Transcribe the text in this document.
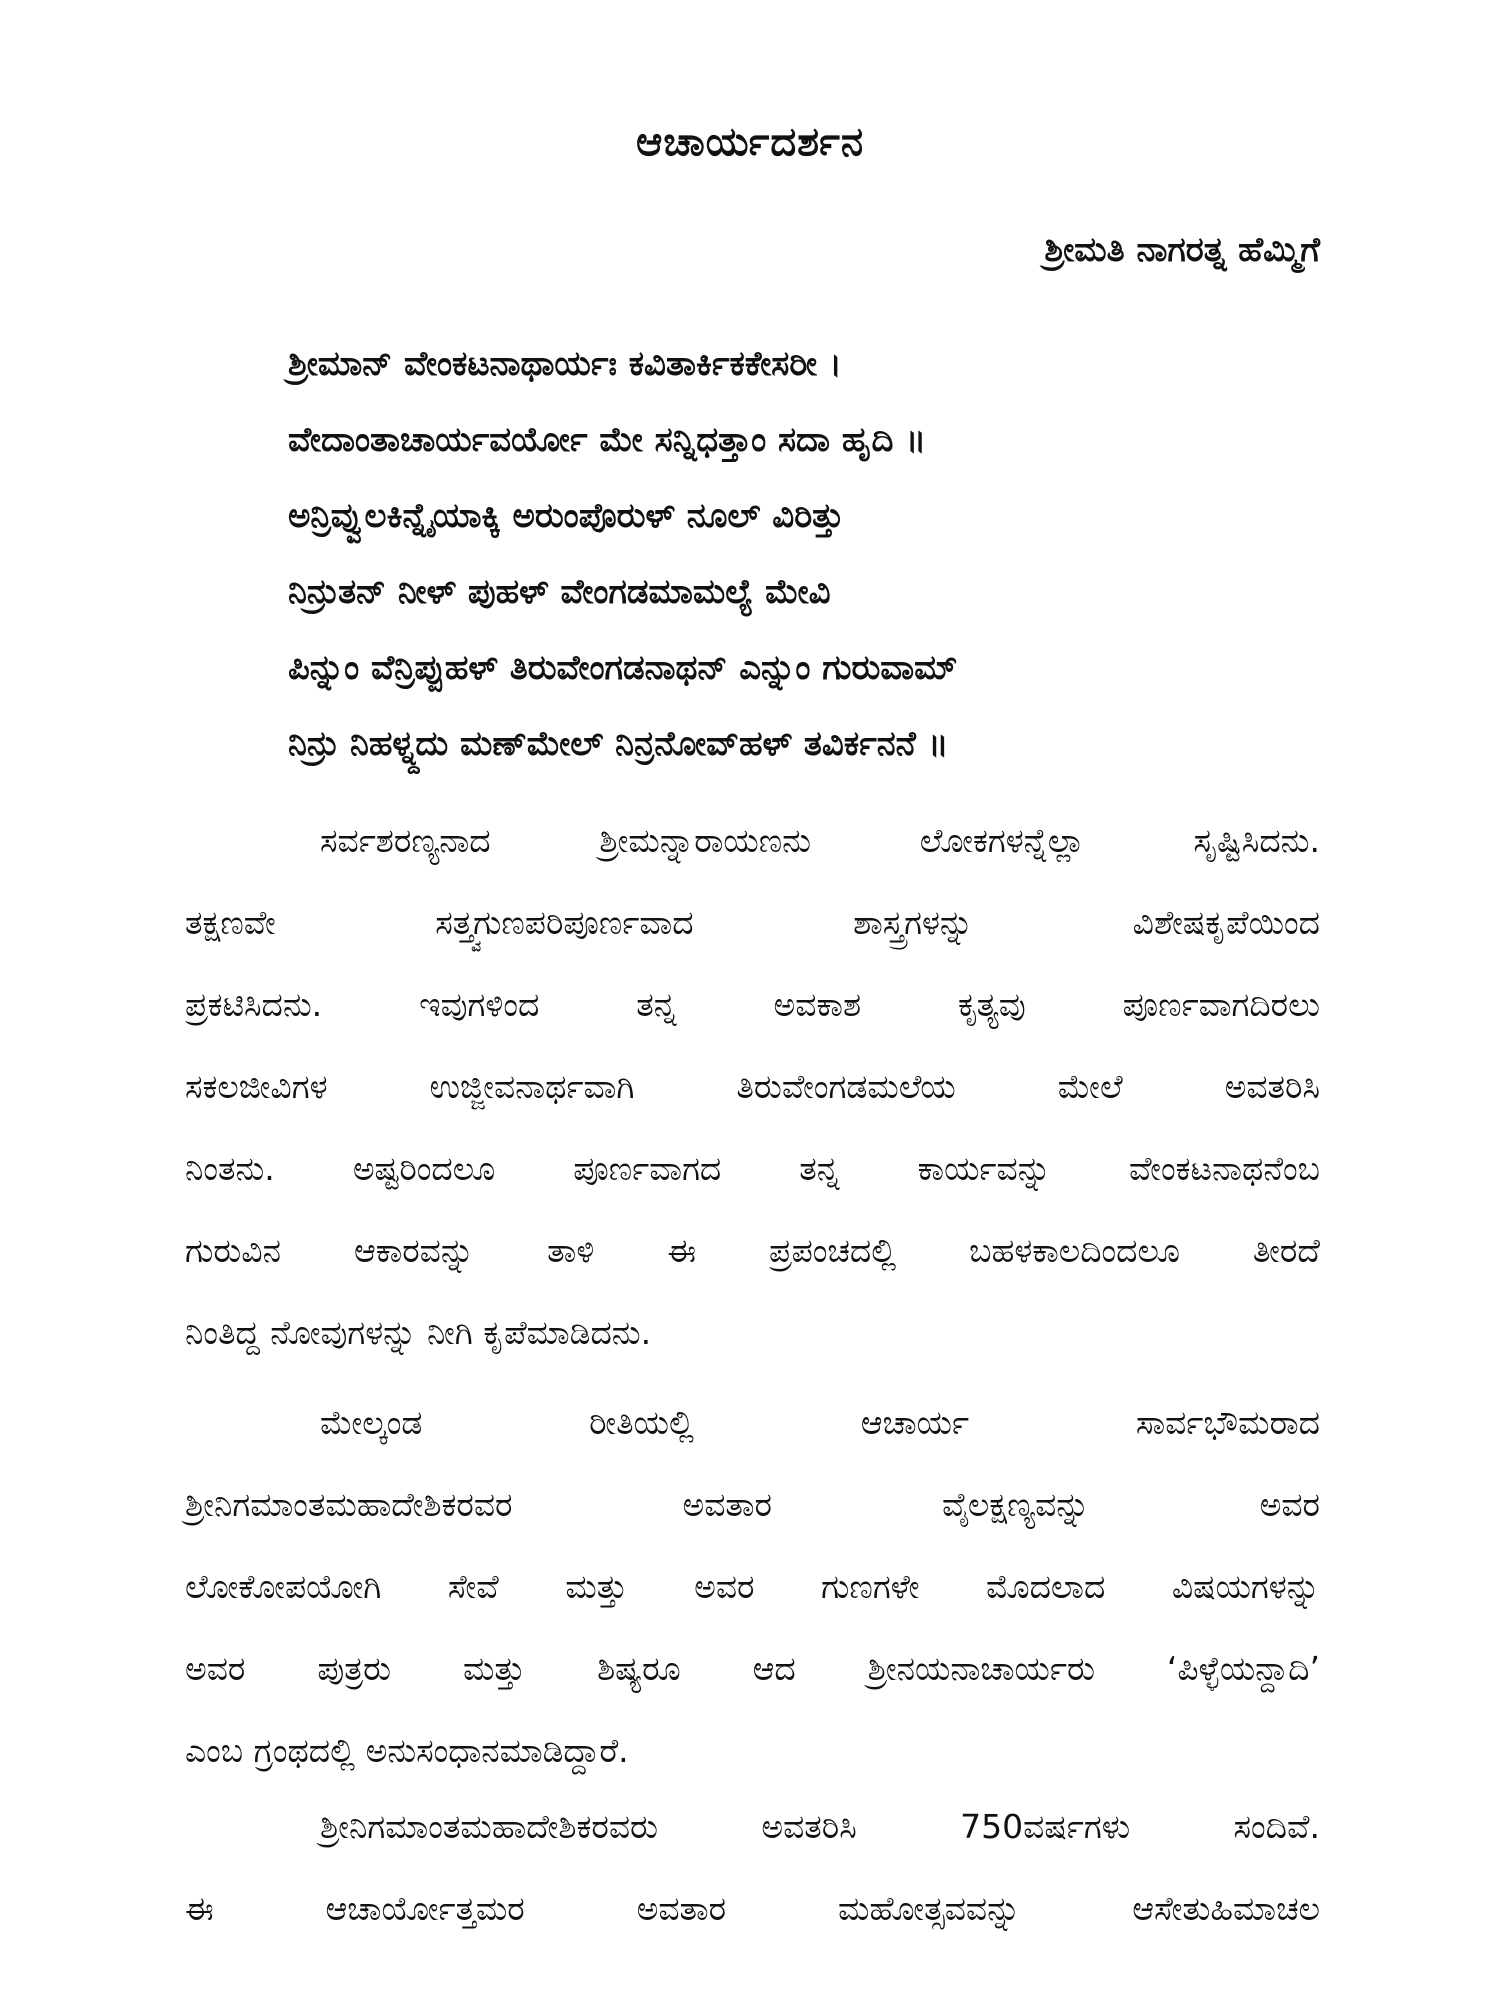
ಆಚಾರ್ಯದರ್ಶನ
ಶ್ರೀಮತಿ ನಾಗರತ್ನ ಹೆಮ್ಮಿಗೆ
ಶ್ರೀಮಾನ್ ವೇಂಕಟನಾಥಾರ್ಯಃ ಕವಿತಾರ್ಕಿಕಕೇಸರೀ ।
ವೇದಾಂತಾಚಾರ್ಯವರ್ಯೋ ಮೇ ಸನ್ನಿಧತ್ತಾಂ ಸದಾ ಹೃದಿ ॥
ಅನ್ರಿವ್ವುಲಕಿನ್ನೈಯಾಕ್ಕಿ ಅರುಂಪೊರುಳ್ ನೂಲ್ ವಿರಿತ್ತು
ನಿನ್ರುತನ್ ನೀಳ್ ಪುಹಳ್ ವೇಂಗಡಮಾಮಲ್ಯೆ ಮೇವಿ
ಪಿನ್ನುಂ ವೆನ್ರಿಪ್ಪುಹಳ್ ತಿರುವೇಂಗಡನಾಥನ್ ಎನ್ನುಂ ಗುರುವಾಮ್
ನಿನ್ರು ನಿಹಳ್ನ್ದದು ಮಣ್‌ಮೇಲ್ ನಿನ್ರನೋವ್‌ಹಳ್ ತವಿರ್ಕನನೆ ॥
ಸರ್ವಶರಣ್ಯನಾದ ಶ್ರೀಮನ್ನಾರಾಯಣನು ಲೋಕಗಳನ್ನೆಲ್ಲಾ ಸೃಷ್ಟಿಸಿದನು.
ತಕ್ಷಣವೇ ಸತ್ತ್ವಗುಣಪರಿಪೂರ್ಣವಾದ ಶಾಸ್ತ್ರಗಳನ್ನು ವಿಶೇಷಕೃಪೆಯಿಂದ
ಪ್ರಕಟಿಸಿದನು. ಇವುಗಳಿಂದ ತನ್ನ ಅವಕಾಶ ಕೃತ್ಯವು ಪೂರ್ಣವಾಗದಿರಲು
ಸಕಲಜೀವಿಗಳ ಉಜ್ಜೀವನಾರ್ಥವಾಗಿ ತಿರುವೇಂಗಡಮಲೆಯ ಮೇಲೆ ಅವತರಿಸಿ
ನಿಂತನು. ಅಷ್ಟರಿಂದಲೂ ಪೂರ್ಣವಾಗದ ತನ್ನ ಕಾರ್ಯವನ್ನು ವೇಂಕಟನಾಥನೆಂಬ
ಗುರುವಿನ ಆಕಾರವನ್ನು ತಾಳಿ ಈ ಪ್ರಪಂಚದಲ್ಲಿ ಬಹಳಕಾಲದಿಂದಲೂ ತೀರದೆ
ನಿಂತಿದ್ದ ನೋವುಗಳನ್ನು ನೀಗಿ ಕೃಪೆಮಾಡಿದನು.
ಮೇಲ್ಕಂಡ ರೀತಿಯಲ್ಲಿ ಆಚಾರ್ಯ ಸಾರ್ವಭೌಮರಾದ
ಶ್ರೀನಿಗಮಾಂತಮಹಾದೇಶಿಕರವರ ಅವತಾರ ವೈಲಕ್ಷಣ್ಯವನ್ನು ಅವರ
ಲೋಕೋಪಯೋಗಿ ಸೇವೆ ಮತ್ತು ಅವರ ಗುಣಗಳೇ ಮೊದಲಾದ ವಿಷಯಗಳನ್ನು
ಅವರ ಪುತ್ರರು ಮತ್ತು ಶಿಷ್ಯರೂ ಆದ ಶ್ರೀನಯನಾಚಾರ್ಯರು ‘ಪಿಳ್ಳೆಯನ್ದಾದಿ’
ಎಂಬ ಗ್ರಂಥದಲ್ಲಿ ಅನುಸಂಧಾನಮಾಡಿದ್ದಾರೆ.
ಶ್ರೀನಿಗಮಾಂತಮಹಾದೇಶಿಕರವರು ಅವತರಿಸಿ 750ವರ್ಷಗಳು ಸಂದಿವೆ.
ಈ ಆಚಾರ್ಯೋತ್ತಮರ ಅವತಾರ ಮಹೋತ್ಸವವನ್ನು ಆಸೇತುಹಿಮಾಚಲ
